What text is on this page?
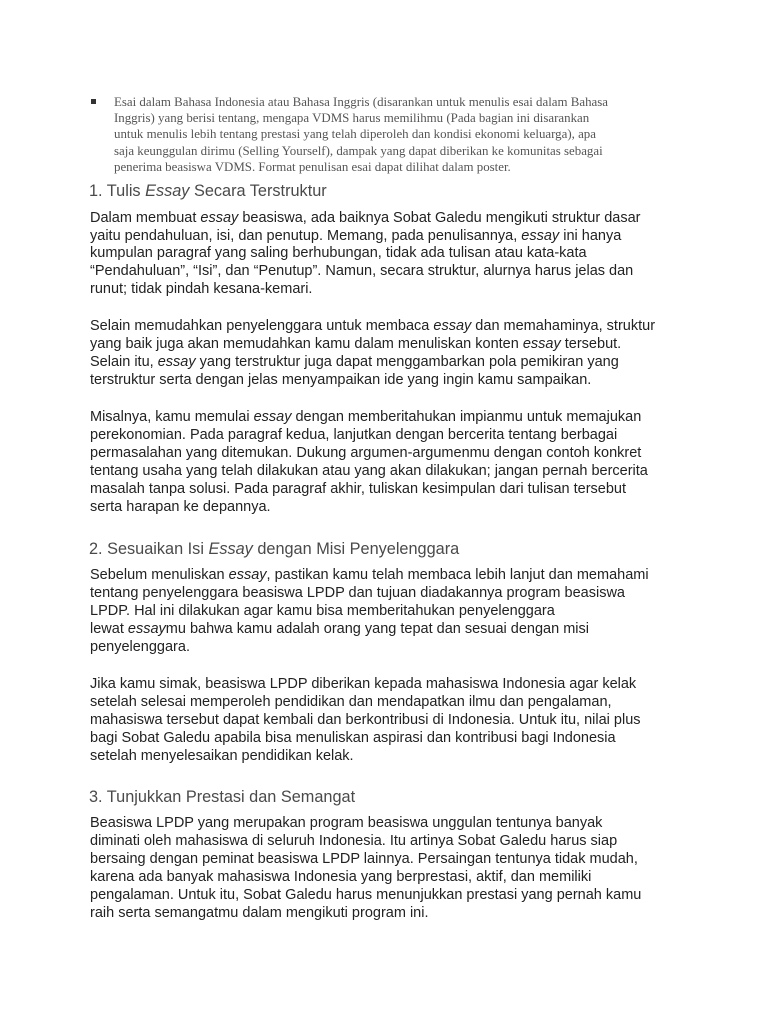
Esai dalam Bahasa Indonesia atau Bahasa Inggris (disarankan untuk menulis esai dalam Bahasa
Inggris) yang berisi tentang, mengapa VDMS harus memilihmu (Pada bagian ini disarankan
untuk menulis lebih tentang prestasi yang telah diperoleh dan kondisi ekonomi keluarga), apa
saja keunggulan dirimu (Selling Yourself), dampak yang dapat diberikan ke komunitas sebagai
penerima beasiswa VDMS. Format penulisan esai dapat dilihat dalam poster.
1. Tulis Essay Secara Terstruktur
Dalam membuat essay beasiswa, ada baiknya Sobat Galedu mengikuti struktur dasar
yaitu pendahuluan, isi, dan penutup. Memang, pada penulisannya, essay ini hanya
kumpulan paragraf yang saling berhubungan, tidak ada tulisan atau kata-kata
“Pendahuluan”, “Isi”, dan “Penutup”. Namun, secara struktur, alurnya harus jelas dan
runut; tidak pindah kesana-kemari.
Selain memudahkan penyelenggara untuk membaca essay dan memahaminya, struktur
yang baik juga akan memudahkan kamu dalam menuliskan konten essay tersebut.
Selain itu, essay yang terstruktur juga dapat menggambarkan pola pemikiran yang
terstruktur serta dengan jelas menyampaikan ide yang ingin kamu sampaikan.
Misalnya, kamu memulai essay dengan memberitahukan impianmu untuk memajukan
perekonomian. Pada paragraf kedua, lanjutkan dengan bercerita tentang berbagai
permasalahan yang ditemukan. Dukung argumen-argumenmu dengan contoh konkret
tentang usaha yang telah dilakukan atau yang akan dilakukan; jangan pernah bercerita
masalah tanpa solusi. Pada paragraf akhir, tuliskan kesimpulan dari tulisan tersebut
serta harapan ke depannya.
2. Sesuaikan Isi Essay dengan Misi Penyelenggara
Sebelum menuliskan essay, pastikan kamu telah membaca lebih lanjut dan memahami
tentang penyelenggara beasiswa LPDP dan tujuan diadakannya program beasiswa
LPDP. Hal ini dilakukan agar kamu bisa memberitahukan penyelenggara
lewat essaymu bahwa kamu adalah orang yang tepat dan sesuai dengan misi
penyelenggara.
Jika kamu simak, beasiswa LPDP diberikan kepada mahasiswa Indonesia agar kelak
setelah selesai memperoleh pendidikan dan mendapatkan ilmu dan pengalaman,
mahasiswa tersebut dapat kembali dan berkontribusi di Indonesia. Untuk itu, nilai plus
bagi Sobat Galedu apabila bisa menuliskan aspirasi dan kontribusi bagi Indonesia
setelah menyelesaikan pendidikan kelak.
3. Tunjukkan Prestasi dan Semangat
Beasiswa LPDP yang merupakan program beasiswa unggulan tentunya banyak
diminati oleh mahasiswa di seluruh Indonesia. Itu artinya Sobat Galedu harus siap
bersaing dengan peminat beasiswa LPDP lainnya. Persaingan tentunya tidak mudah,
karena ada banyak mahasiswa Indonesia yang berprestasi, aktif, dan memiliki
pengalaman. Untuk itu, Sobat Galedu harus menunjukkan prestasi yang pernah kamu
raih serta semangatmu dalam mengikuti program ini.
